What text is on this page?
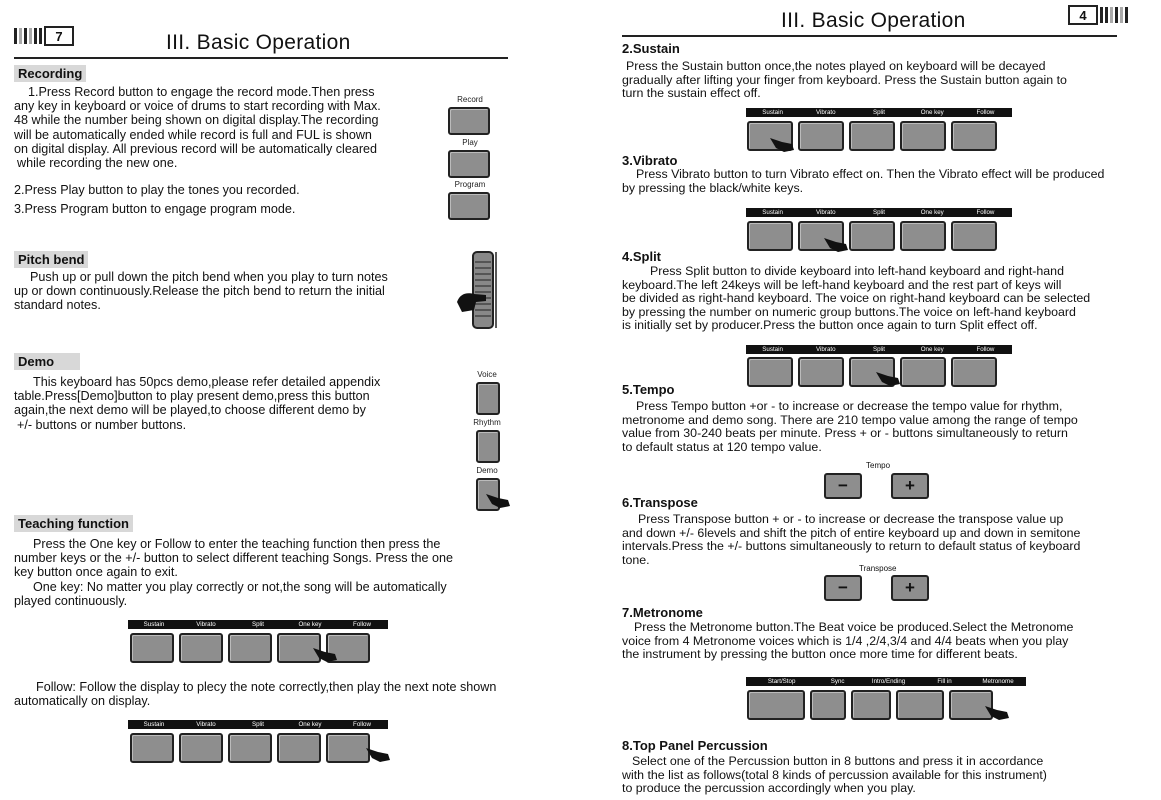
7	III. Basic Operation
Recording
1.Press Record button to engage the record mode.Then press
any key in keyboard or voice of drums to start recording with Max.
48 while the number being shown on digital display.The recording
will be automatically ended while record is full and FUL is shown
on digital display. All previous record will be automatically cleared
while recording the new one.
2.Press Play button to play the tones you recorded.
3.Press Program button to engage program mode.
Record
Play
Program
Pitch bend
Push up or pull down the pitch bend when you play to turn notes
up or down continuously.Release the pitch bend to return the initial
standard notes.
Demo
This keyboard has 50pcs demo,please refer detailed appendix
table.Press[Demo]button to play present demo,press this button
again,the next demo will be played,to choose different demo by
+/- buttons or number buttons.
Voice
Rhythm
Demo
Teaching function
Press the One key or Follow to enter the teaching function then press the
number keys or the +/- button to select different teaching Songs. Press the one
key button once again to exit.
One key: No matter you play correctly or not,the song will be automatically
played continuously.
Sustain	Vibrato	Split	One key	Follow
Follow: Follow the display to plecy the note correctly,then play the next note shown
automatically on display.
Sustain	Vibrato	Split	One key	Follow
III. Basic Operation	4
2.Sustain
Press the Sustain button once,the notes played on keyboard will be decayed
gradually after lifting your finger from keyboard. Press the Sustain button again to
turn the sustain effect off.
Sustain	Vibrato	Split	One key	Follow
3.Vibrato
Press Vibrato button to turn Vibrato effect on. Then the Vibrato effect will be produced
by pressing the black/white keys.
Sustain	Vibrato	Split	One key	Follow
4.Split
Press Split button to divide keyboard into left-hand keyboard and right-hand
keyboard.The left 24keys will be left-hand keyboard and the rest part of keys will
be divided as right-hand keyboard. The voice on right-hand keyboard can be selected
by pressing the number on numeric group buttons.The voice on left-hand keyboard
is initially set by producer.Press the button once again to turn Split effect off.
Sustain	Vibrato	Split	One key	Follow
5.Tempo
Press Tempo button +or - to increase or decrease the tempo value for rhythm,
metronome and demo song. There are 210 tempo value among the range of tempo
value from 30-240 beats per minute. Press + or - buttons simultaneously to return
to default status at 120 tempo value.
Tempo
−	+
6.Transpose
Press Transpose button + or - to increase or decrease the transpose value up
and down +/- 6levels and shift the pitch of entire keyboard up and down in semitone
intervals.Press the +/- buttons simultaneously to return to default status of keyboard
tone.
Transpose
−	+
7.Metronome
Press the Metronome button.The Beat voice be produced.Select the Metronome
voice from 4 Metronome voices which is 1/4 ,2/4,3/4 and 4/4 beats when you play
the instrument by pressing the button once more time for different beats.
Start/Stop	Sync	Intro/Ending	Fill in	Metronome
8.Top Panel Percussion
Select one of the Percussion button in 8 buttons and press it in accordance
with the list as follows(total 8 kinds of percussion available for this instrument)
to produce the percussion accordingly when you play.
